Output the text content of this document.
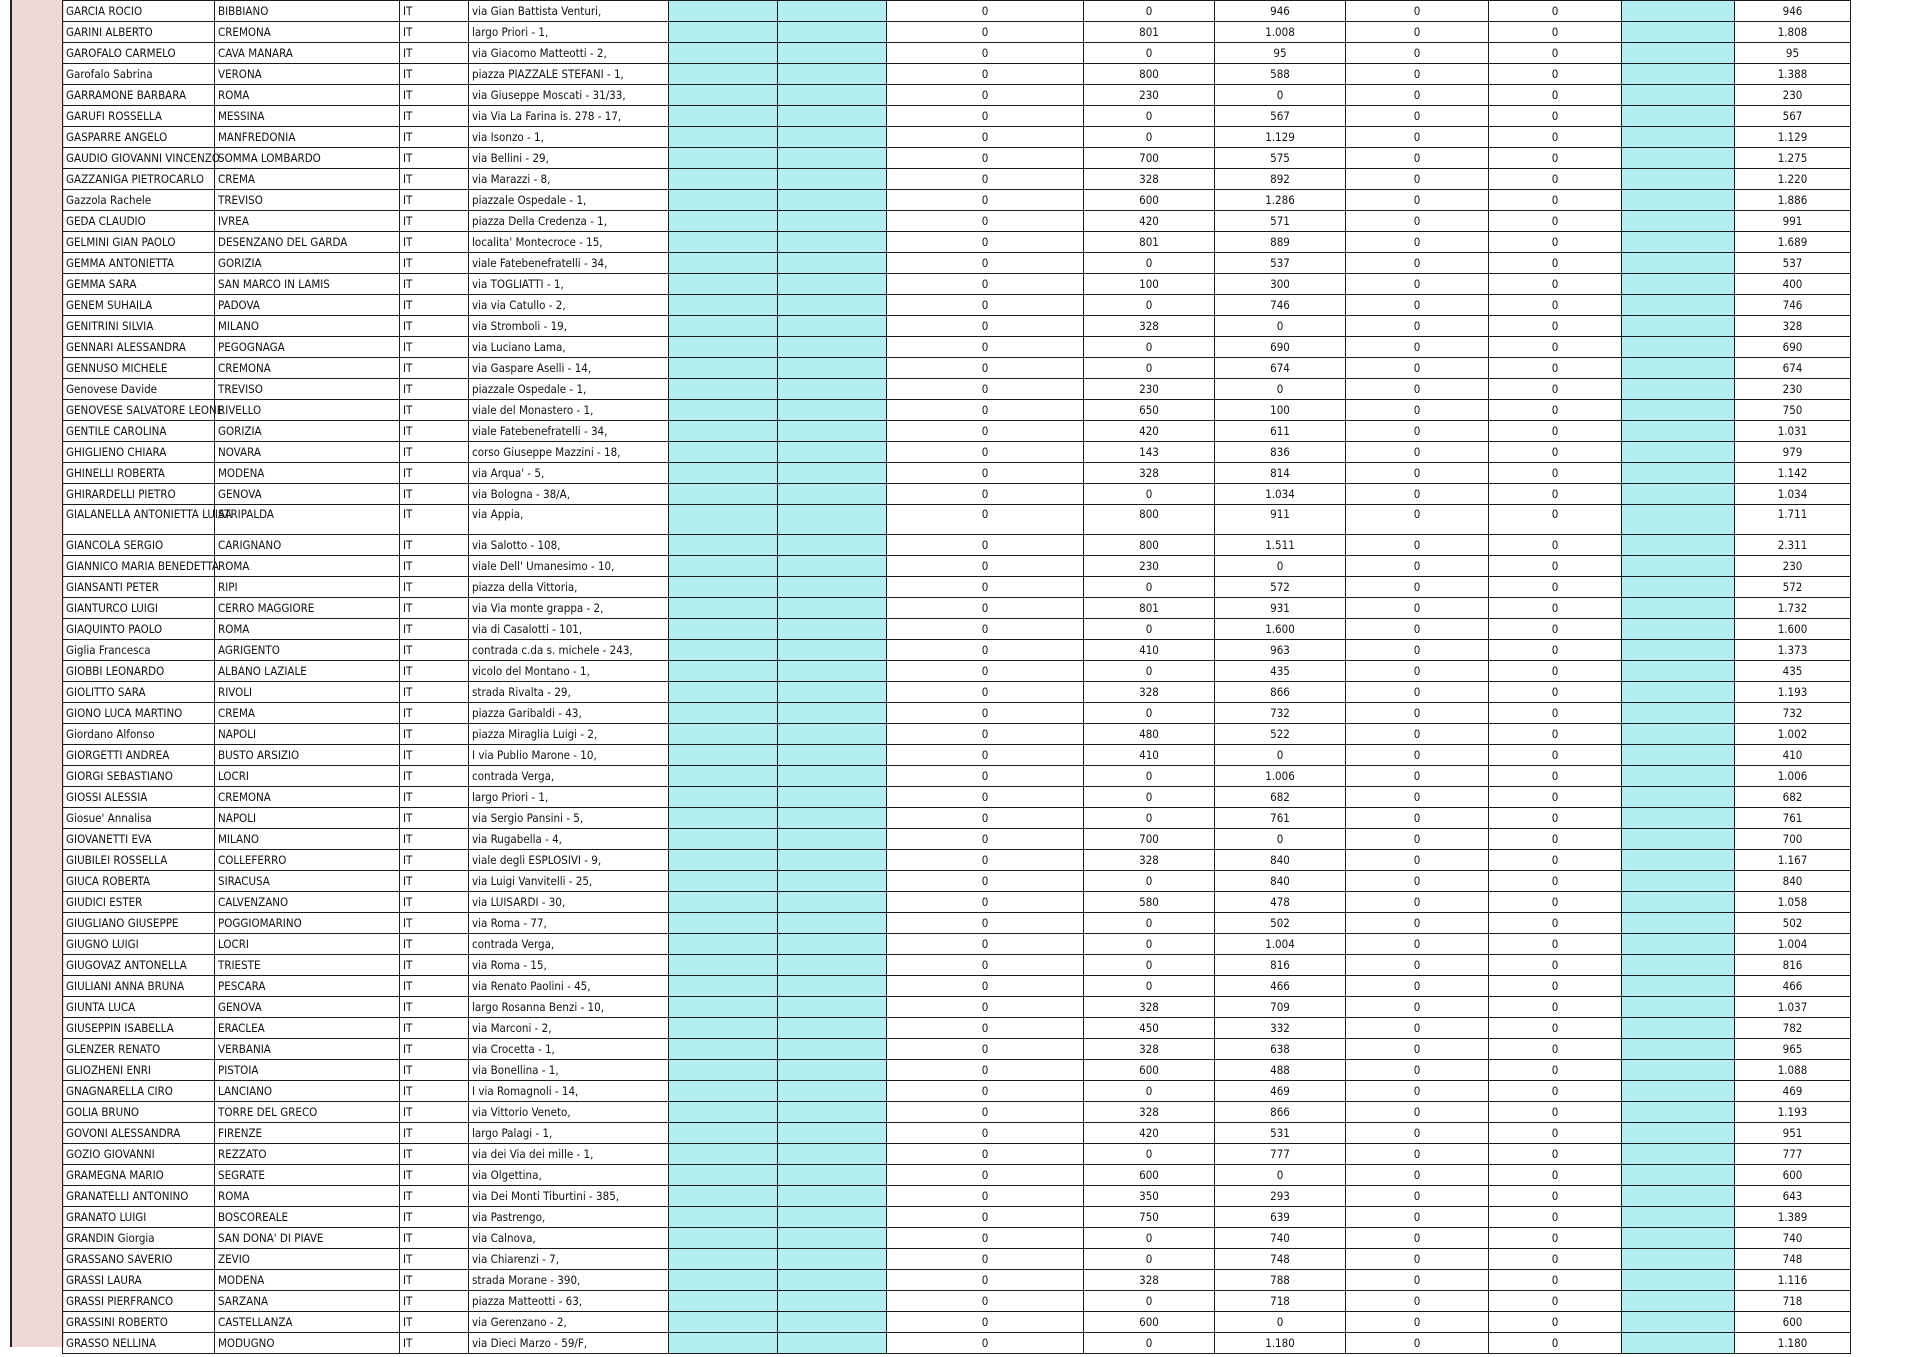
GARCIA ROCIO	BIBBIANO	IT	via Gian Battista Venturi,			0	0	946	0	0		946
GARINI ALBERTO	CREMONA	IT	largo Priori - 1,			0	801	1.008	0	0		1.808
GAROFALO CARMELO	CAVA MANARA	IT	via Giacomo Matteotti - 2,			0	0	95	0	0		95
Garofalo Sabrina	VERONA	IT	piazza PIAZZALE STEFANI - 1,			0	800	588	0	0		1.388
GARRAMONE BARBARA	ROMA	IT	via Giuseppe Moscati - 31/33,			0	230	0	0	0		230
GARUFI ROSSELLA	MESSINA	IT	via Via La Farina is. 278 - 17,			0	0	567	0	0		567
GASPARRE ANGELO	MANFREDONIA	IT	via Isonzo - 1,			0	0	1.129	0	0		1.129
GAUDIO GIOVANNI VINCENZO	SOMMA LOMBARDO	IT	via Bellini - 29,			0	700	575	0	0		1.275
GAZZANIGA PIETROCARLO	CREMA	IT	via Marazzi - 8,			0	328	892	0	0		1.220
Gazzola Rachele	TREVISO	IT	piazzale Ospedale - 1,			0	600	1.286	0	0		1.886
GEDA CLAUDIO	IVREA	IT	piazza Della Credenza - 1,			0	420	571	0	0		991
GELMINI GIAN PAOLO	DESENZANO DEL GARDA	IT	localita' Montecroce - 15,			0	801	889	0	0		1.689
GEMMA ANTONIETTA	GORIZIA	IT	viale Fatebenefratelli - 34,			0	0	537	0	0		537
GEMMA SARA	SAN MARCO IN LAMIS	IT	via TOGLIATTI - 1,			0	100	300	0	0		400
GENEM SUHAILA	PADOVA	IT	via via Catullo - 2,			0	0	746	0	0		746
GENITRINI SILVIA	MILANO	IT	via Stromboli - 19,			0	328	0	0	0		328
GENNARI ALESSANDRA	PEGOGNAGA	IT	via Luciano Lama,			0	0	690	0	0		690
GENNUSO MICHELE	CREMONA	IT	via Gaspare Aselli - 14,			0	0	674	0	0		674
Genovese Davide	TREVISO	IT	piazzale Ospedale - 1,			0	230	0	0	0		230
GENOVESE SALVATORE LEONE	RIVELLO	IT	viale del Monastero - 1,			0	650	100	0	0		750
GENTILE CAROLINA	GORIZIA	IT	viale Fatebenefratelli - 34,			0	420	611	0	0		1.031
GHIGLIENO CHIARA	NOVARA	IT	corso Giuseppe Mazzini - 18,			0	143	836	0	0		979
GHINELLI ROBERTA	MODENA	IT	via Arqua' - 5,			0	328	814	0	0		1.142
GHIRARDELLI PIETRO	GENOVA	IT	via Bologna - 38/A,			0	0	1.034	0	0		1.034
GIALANELLA ANTONIETTA LUISA	ATRIPALDA	IT	via Appia,			0	800	911	0	0		1.711
GIANCOLA SERGIO	CARIGNANO	IT	via Salotto - 108,			0	800	1.511	0	0		2.311
GIANNICO MARIA BENEDETTA	ROMA	IT	viale Dell' Umanesimo - 10,			0	230	0	0	0		230
GIANSANTI PETER	RIPI	IT	piazza della Vittoria,			0	0	572	0	0		572
GIANTURCO LUIGI	CERRO MAGGIORE	IT	via Via monte grappa - 2,			0	801	931	0	0		1.732
GIAQUINTO PAOLO	ROMA	IT	via di Casalotti - 101,			0	0	1.600	0	0		1.600
Giglia Francesca	AGRIGENTO	IT	contrada c.da s. michele - 243,			0	410	963	0	0		1.373
GIOBBI LEONARDO	ALBANO LAZIALE	IT	vicolo del Montano - 1,			0	0	435	0	0		435
GIOLITTO SARA	RIVOLI	IT	strada Rivalta - 29,			0	328	866	0	0		1.193
GIONO LUCA MARTINO	CREMA	IT	piazza Garibaldi - 43,			0	0	732	0	0		732
Giordano Alfonso	NAPOLI	IT	piazza Miraglia Luigi - 2,			0	480	522	0	0		1.002
GIORGETTI ANDREA	BUSTO ARSIZIO	IT	I via Publio Marone - 10,			0	410	0	0	0		410
GIORGI SEBASTIANO	LOCRI	IT	contrada Verga,			0	0	1.006	0	0		1.006
GIOSSI ALESSIA	CREMONA	IT	largo Priori - 1,			0	0	682	0	0		682
Giosue' Annalisa	NAPOLI	IT	via Sergio Pansini - 5,			0	0	761	0	0		761
GIOVANETTI EVA	MILANO	IT	via Rugabella - 4,			0	700	0	0	0		700
GIUBILEI ROSSELLA	COLLEFERRO	IT	viale degli ESPLOSIVI - 9,			0	328	840	0	0		1.167
GIUCA ROBERTA	SIRACUSA	IT	via Luigi Vanvitelli - 25,			0	0	840	0	0		840
GIUDICI ESTER	CALVENZANO	IT	via LUISARDI - 30,			0	580	478	0	0		1.058
GIUGLIANO GIUSEPPE	POGGIOMARINO	IT	via Roma - 77,			0	0	502	0	0		502
GIUGNO LUIGI	LOCRI	IT	contrada Verga,			0	0	1.004	0	0		1.004
GIUGOVAZ ANTONELLA	TRIESTE	IT	via Roma - 15,			0	0	816	0	0		816
GIULIANI ANNA BRUNA	PESCARA	IT	via Renato Paolini - 45,			0	0	466	0	0		466
GIUNTA LUCA	GENOVA	IT	largo Rosanna Benzi - 10,			0	328	709	0	0		1.037
GIUSEPPIN ISABELLA	ERACLEA	IT	via Marconi - 2,			0	450	332	0	0		782
GLENZER RENATO	VERBANIA	IT	via Crocetta - 1,			0	328	638	0	0		965
GLIOZHENI ENRI	PISTOIA	IT	via Bonellina - 1,			0	600	488	0	0		1.088
GNAGNARELLA CIRO	LANCIANO	IT	I via Romagnoli - 14,			0	0	469	0	0		469
GOLIA BRUNO	TORRE DEL GRECO	IT	via Vittorio Veneto,			0	328	866	0	0		1.193
GOVONI ALESSANDRA	FIRENZE	IT	largo Palagi - 1,			0	420	531	0	0		951
GOZIO GIOVANNI	REZZATO	IT	via dei Via dei mille - 1,			0	0	777	0	0		777
GRAMEGNA MARIO	SEGRATE	IT	via Olgettina,			0	600	0	0	0		600
GRANATELLI ANTONINO	ROMA	IT	via Dei Monti Tiburtini - 385,			0	350	293	0	0		643
GRANATO LUIGI	BOSCOREALE	IT	via Pastrengo,			0	750	639	0	0		1.389
GRANDIN Giorgia	SAN DONA' DI PIAVE	IT	via Calnova,			0	0	740	0	0		740
GRASSANO SAVERIO	ZEVIO	IT	via Chiarenzi - 7,			0	0	748	0	0		748
GRASSI LAURA	MODENA	IT	strada Morane - 390,			0	328	788	0	0		1.116
GRASSI PIERFRANCO	SARZANA	IT	piazza Matteotti - 63,			0	0	718	0	0		718
GRASSINI ROBERTO	CASTELLANZA	IT	via Gerenzano - 2,			0	600	0	0	0		600
GRASSO NELLINA	MODUGNO	IT	via Dieci Marzo - 59/F,			0	0	1.180	0	0		1.180
